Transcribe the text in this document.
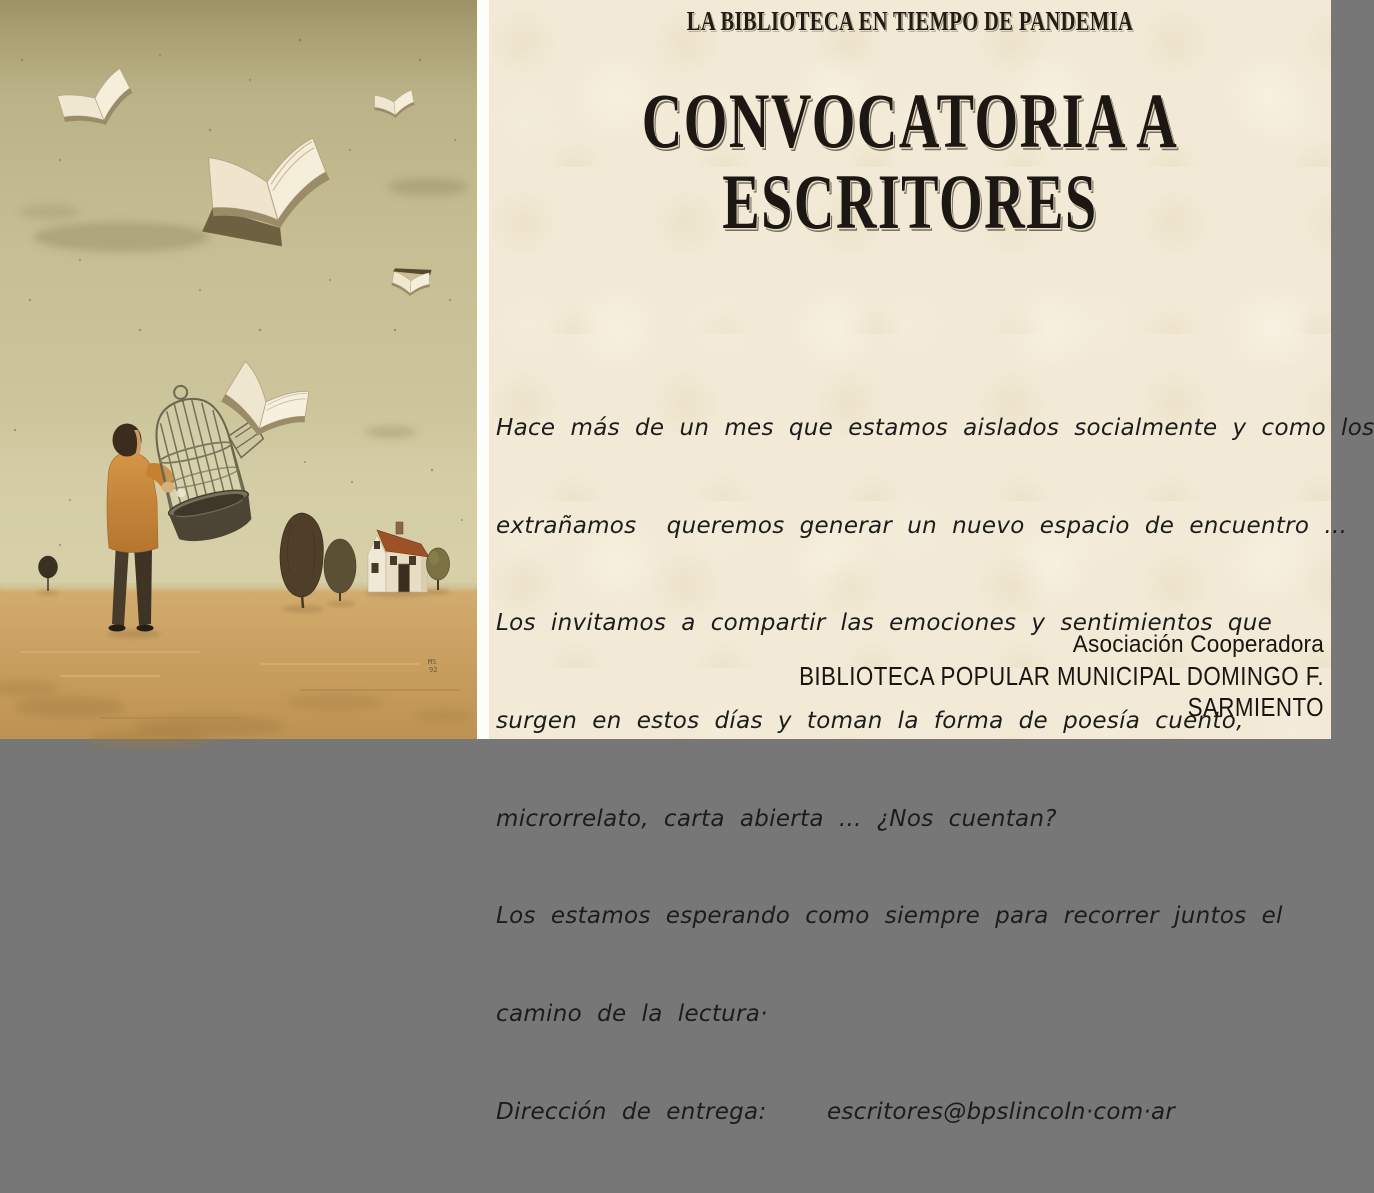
MS
92
LA BIBLIOTECA EN TIEMPO DE PANDEMIA
CONVOCATORIA A
ESCRITORES

Hace más de un mes que estamos aislados socialmente y como los

extrañamos  queremos generar un nuevo espacio de encuentro ...

Los invitamos a compartir las emociones y sentimientos que

surgen en estos días y toman la forma de poesía cuento,

microrrelato, carta abierta ... ¿Nos cuentan?

Los estamos esperando como siempre para recorrer juntos el

camino de la lectura·

Dirección de entrega:    escritores@bpslincoln·com·ar

Asociación Cooperadora
BIBLIOTECA POPULAR MUNICIPAL DOMINGO F. SARMIENTO
